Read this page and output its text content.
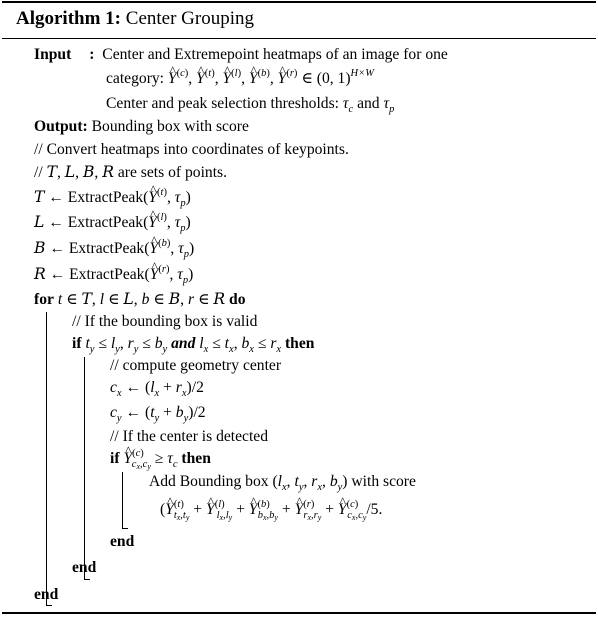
Algorithm 1: Center Grouping
Input : Center and Extremepoint heatmaps of an image for one
category: ^ $Y^{(c)}$, ^ $Y^{(t)}$, ^ $Y^{(l)}$, ^ $Y^{(b)}$, ^ $Y^{(r)}$ ∈ (0, 1)$^{H\times W}$
Center and peak selection thresholds: $\tau_c$ and $\tau_p$
Output: Bounding box with score
// Convert heatmaps into coordinates of keypoints.
// T, L, B, R are sets of points.
T ← ExtractPeak(^ $Y^{(t)}$, $\tau_p$)
L ← ExtractPeak(^ $Y^{(l)}$, $\tau_p$)
B ← ExtractPeak(^ $Y^{(b)}$, $\tau_p$)
R ← ExtractPeak(^ $Y^{(r)}$, $\tau_p$)
for t ∈ T, l ∈ L, b ∈ B, r ∈ R do
// If the bounding box is valid
if $t_y \le l_y$, $r_y \le b_y$ and $l_x \le t_x$, $b_x \le r_x$ then
// compute geometry center
$c_x$ ← $(l_x + r_x)/2$
$c_y$ ← $(t_y + b_y)/2$
// If the center is detected
if ^ $Y^{(c)}_{c_x,c_y} \ge \tau_c$ then
Add Bounding box ($l_x$, $t_y$, $r_x$, $b_y$) with score
(^ $Y^{(t)}_{t_x,t_y}$ + ^ $Y^{(l)}_{l_x,l_y}$ + ^ $Y^{(b)}_{b_x,b_y}$ + ^ $Y^{(r)}_{r_x,r_y}$ + ^ $Y^{(c)}_{c_x,c_y}/5$.
end
end
end
